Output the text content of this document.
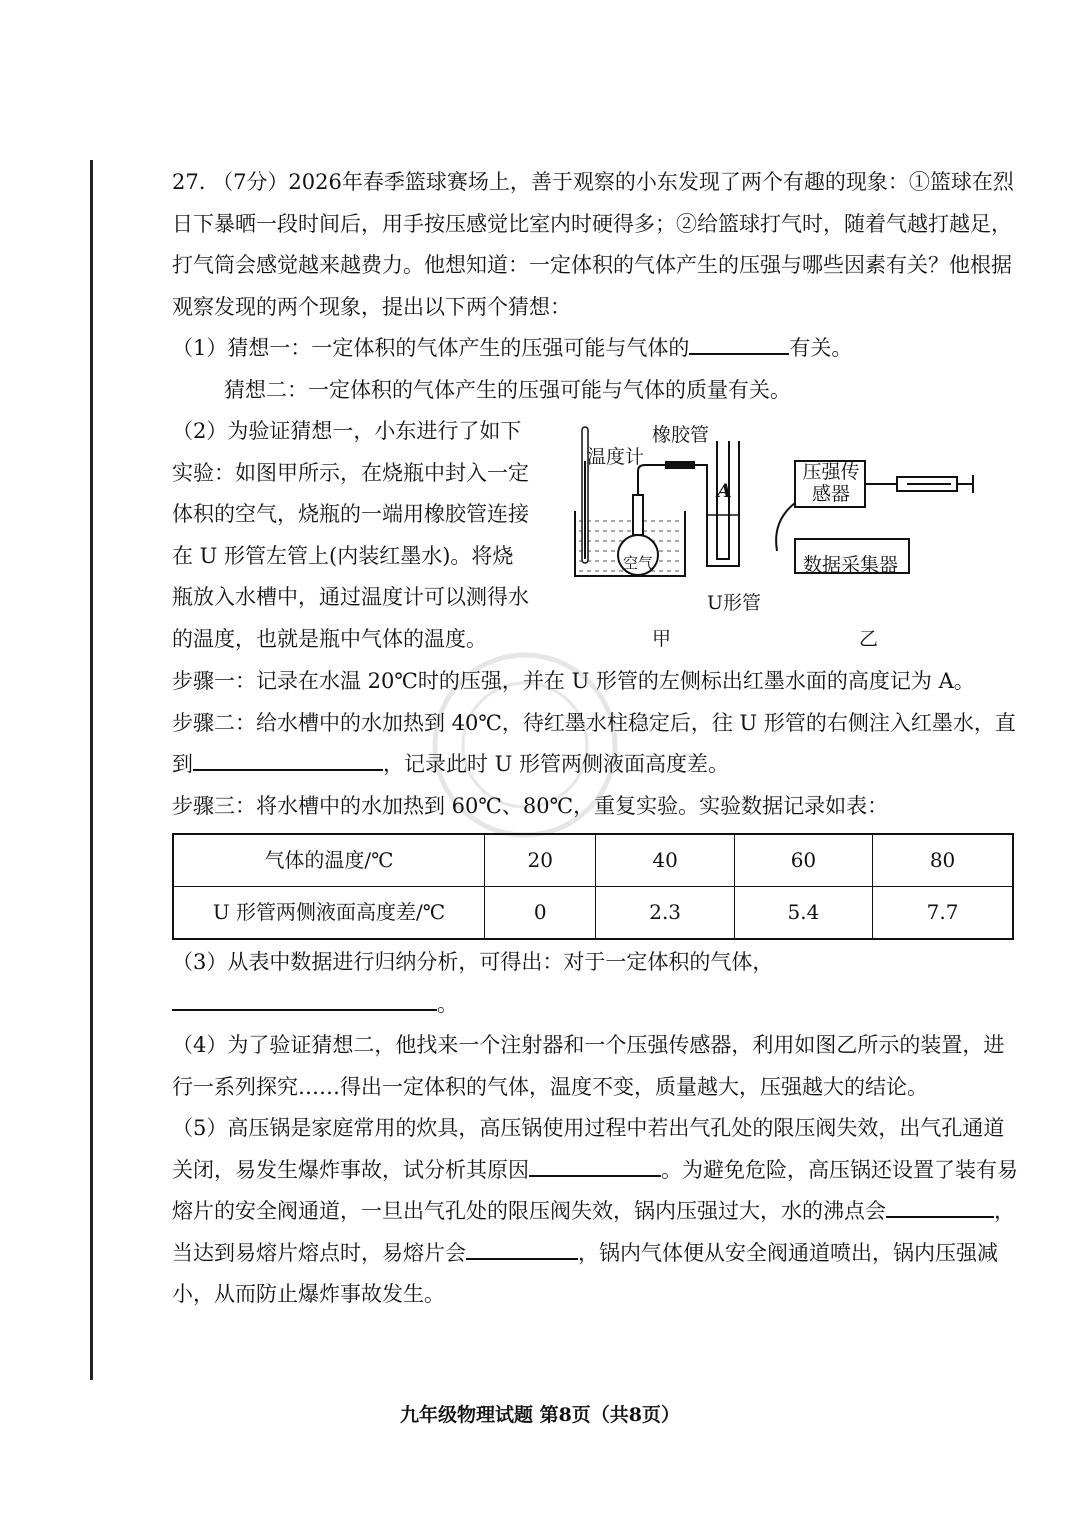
27. （7分）2026年春季篮球赛场上，善于观察的小东发现了两个有趣的现象：①篮球在烈日下暴晒一段时间后，用手按压感觉比室内时硬得多；②给篮球打气时，随着气越打越足，打气筒会感觉越来越费力。他想知道：一定体积的气体产生的压强与哪些因素有关？他根据观察发现的两个现象，提出以下两个猜想：

（1）猜想一：一定体积的气体产生的压强可能与气体的	有关。

猜想二：一定体积的气体产生的压强可能与气体的质量有关。

（2）为验证猜想一，小东进行了如下实验：如图甲所示，在烧瓶中封入一定体积的空气，烧瓶的一端用橡胶管连接在 U 形管左管上(内装红墨水)。将烧瓶放入水槽中，通过温度计可以测得水的温度，也就是瓶中气体的温度。

温度计
橡胶管
空气
A
U形管
甲
压强传感器
数据采集器
乙

步骤一：记录在水温 20℃时的压强，并在 U 形管的左侧标出红墨水面的高度记为 A。

步骤二：给水槽中的水加热到 40℃，待红墨水柱稳定后，往 U 形管的右侧注入红墨水，直到	，记录此时 U 形管两侧液面高度差。

步骤三：将水槽中的水加热到 60℃、80℃，重复实验。实验数据记录如表：

气体的温度/℃	20	40	60	80
U 形管两侧液面高度差/℃	0	2.3	5.4	7.7

（3）从表中数据进行归纳分析，可得出：对于一定体积的气体，。

（4）为了验证猜想二，他找来一个注射器和一个压强传感器，利用如图乙所示的装置，进行一系列探究……得出一定体积的气体，温度不变，质量越大，压强越大的结论。

（5）高压锅是家庭常用的炊具，高压锅使用过程中若出气孔处的限压阀失效，出气孔通道关闭，易发生爆炸事故，试分析其原因	。为避免危险，高压锅还设置了装有易熔片的安全阀通道，一旦出气孔处的限压阀失效，锅内压强过大，水的沸点会	，当达到易熔片熔点时，易熔片会	，锅内气体便从安全阀通道喷出，锅内压强减小，从而防止爆炸事故发生。

九年级物理试题 第8页（共8页）
